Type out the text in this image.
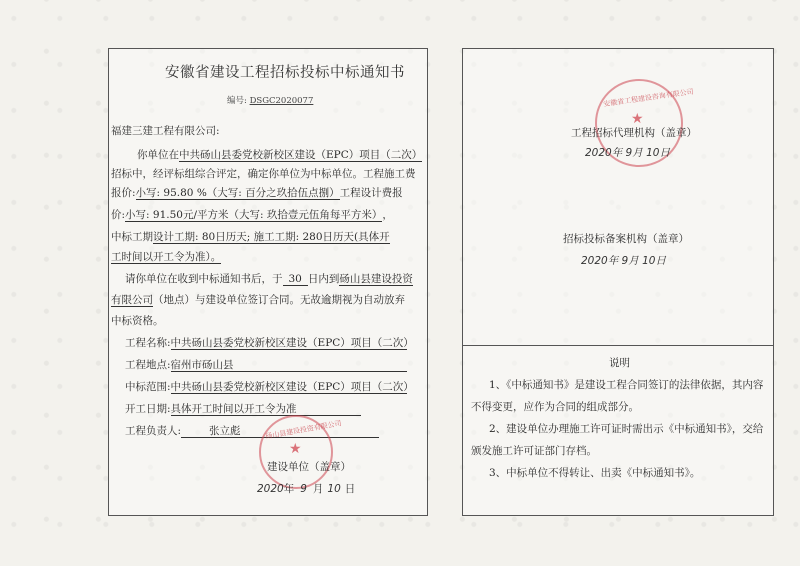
安徽省建设工程招标投标中标通知书
编号: DSGC2020077
福建三建工程有限公司:
你单位在中共砀山县委党校新校区建设（EPC）项目（二次）
招标中，经评标组综合评定，确定你单位为中标单位。工程施工费
报价:小写: 95.80 %（大写: 百分之玖拾伍点捌）工程设计费报
价:小写: 91.50元/平方米（大写: 玖拾壹元伍角每平方米），
中标工期设计工期: 80日历天; 施工工期: 280日历天(具体开
工时间以开工令为准）。
请你单位在收到中标通知书后，于 30 日内到砀山县建设投资
有限公司（地点）与建设单位签订合同。无故逾期视为自动放弃
中标资格。
工程名称:中共砀山县委党校新校区建设（EPC）项目（二次）
工程地点:宿州市砀山县
中标范围:中共砀山县委党校新校区建设（EPC）项目（二次）
开工日期:具体开工时间以开工令为准
工程负责人:	张立彪	砀山县建设投资有限公司
★
建设单位（盖章）
2020年 9 月 10 日
安徽省工程建设咨询有限公司
★
工程招标代理机构（盖章）
2020年 9月 10日
招标投标备案机构（盖章）
2020年 9月 10日
说明
1、《中标通知书》是建设工程合同签订的法律依据，其内容
不得变更，应作为合同的组成部分。
2、建设单位办理施工许可证时需出示《中标通知书》，交给
颁发施工许可证部门存档。
3、中标单位不得转让、出卖《中标通知书》。
